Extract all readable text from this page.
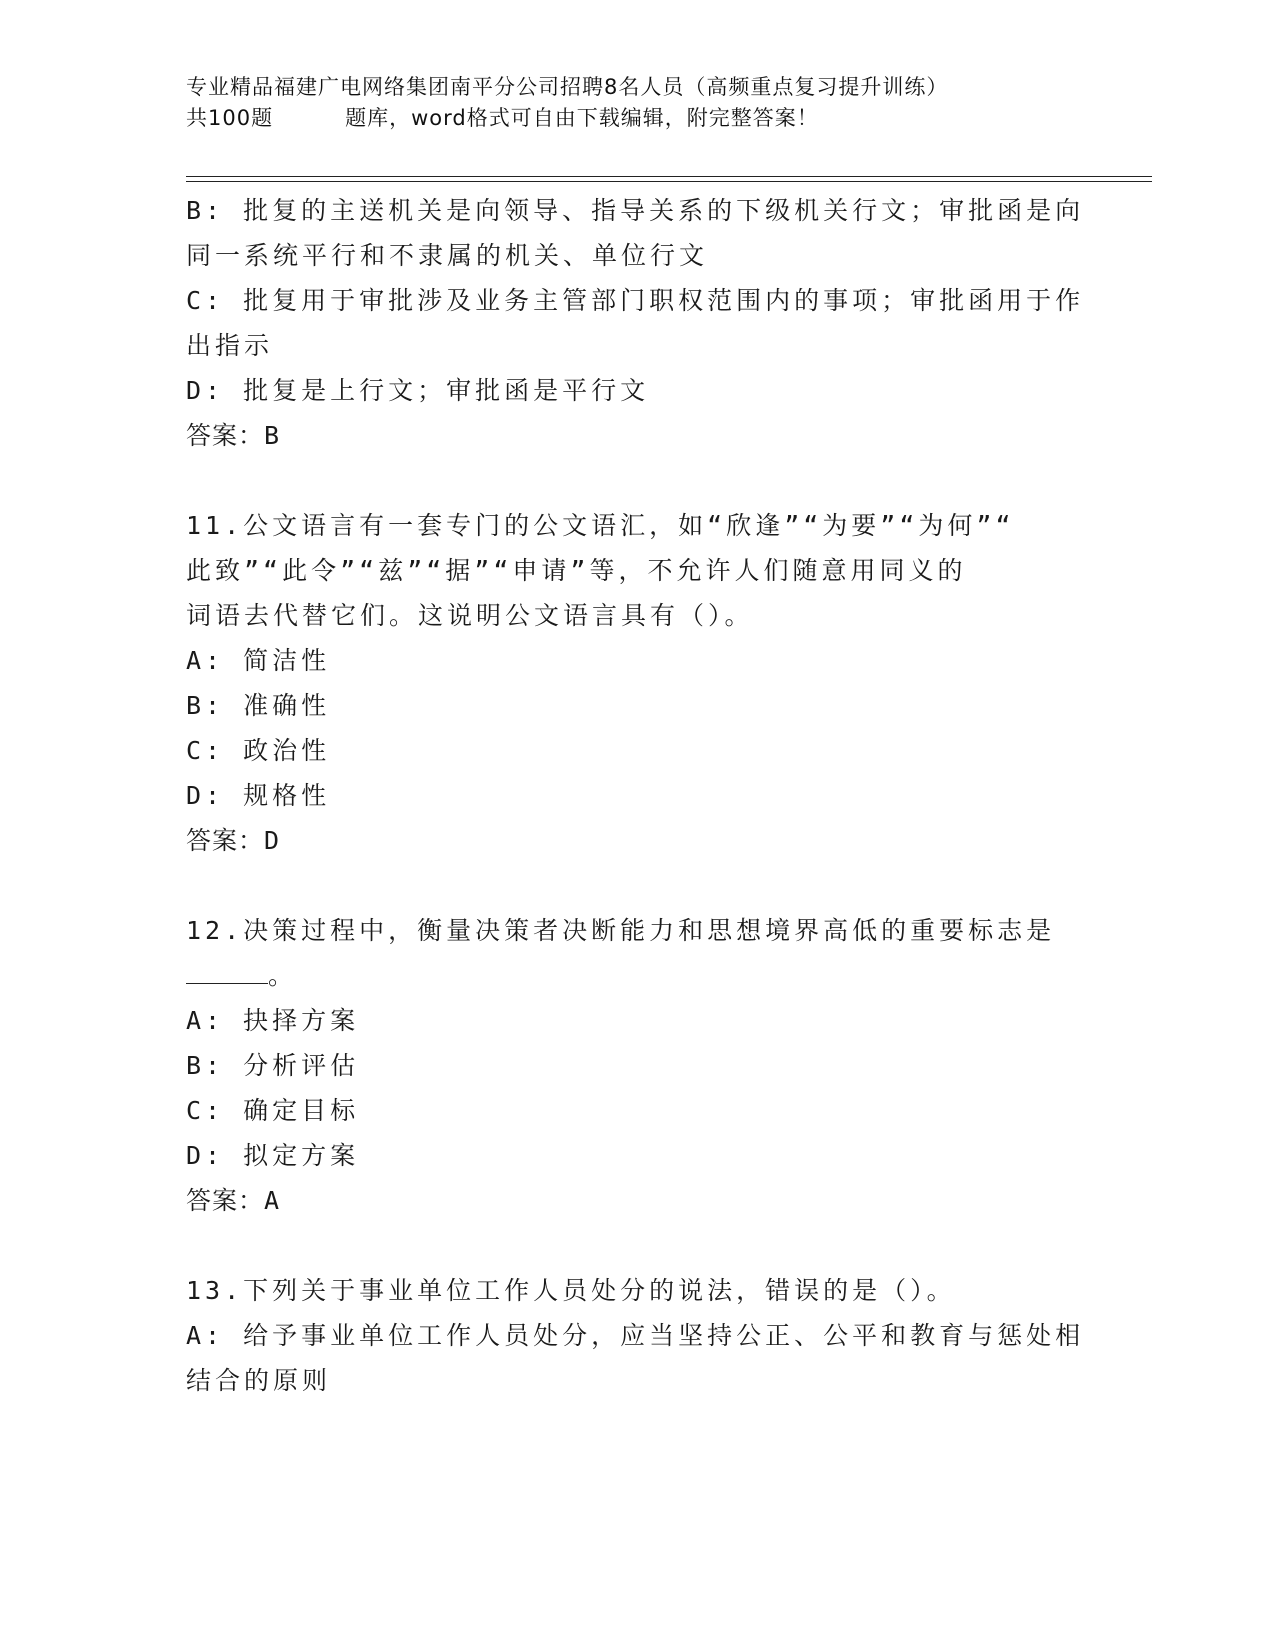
专业精品福建广电网络集团南平分公司招聘8名人员（高频重点复习提升训练）
共100题	题库，word格式可自由下载编辑，附完整答案！
B: 批复的主送机关是向领导、指导关系的下级机关行文；审批函是向
同一系统平行和不隶属的机关、单位行文
C: 批复用于审批涉及业务主管部门职权范围内的事项；审批函用于作
出指示
D: 批复是上行文；审批函是平行文
答案：B
11.公文语言有一套专门的公文语汇，如“欣逢”“为要”“为何”“
此致”“此令”“兹”“据”“申请”等，不允许人们随意用同义的
词语去代替它们。这说明公文语言具有（）。
A: 简洁性
B: 准确性
C: 政治性
D: 规格性
答案：D
12.决策过程中，衡量决策者决断能力和思想境界高低的重要标志是
。
A: 抉择方案
B: 分析评估
C: 确定目标
D: 拟定方案
答案：A
13.下列关于事业单位工作人员处分的说法，错误的是（）。
A: 给予事业单位工作人员处分，应当坚持公正、公平和教育与惩处相
结合的原则
